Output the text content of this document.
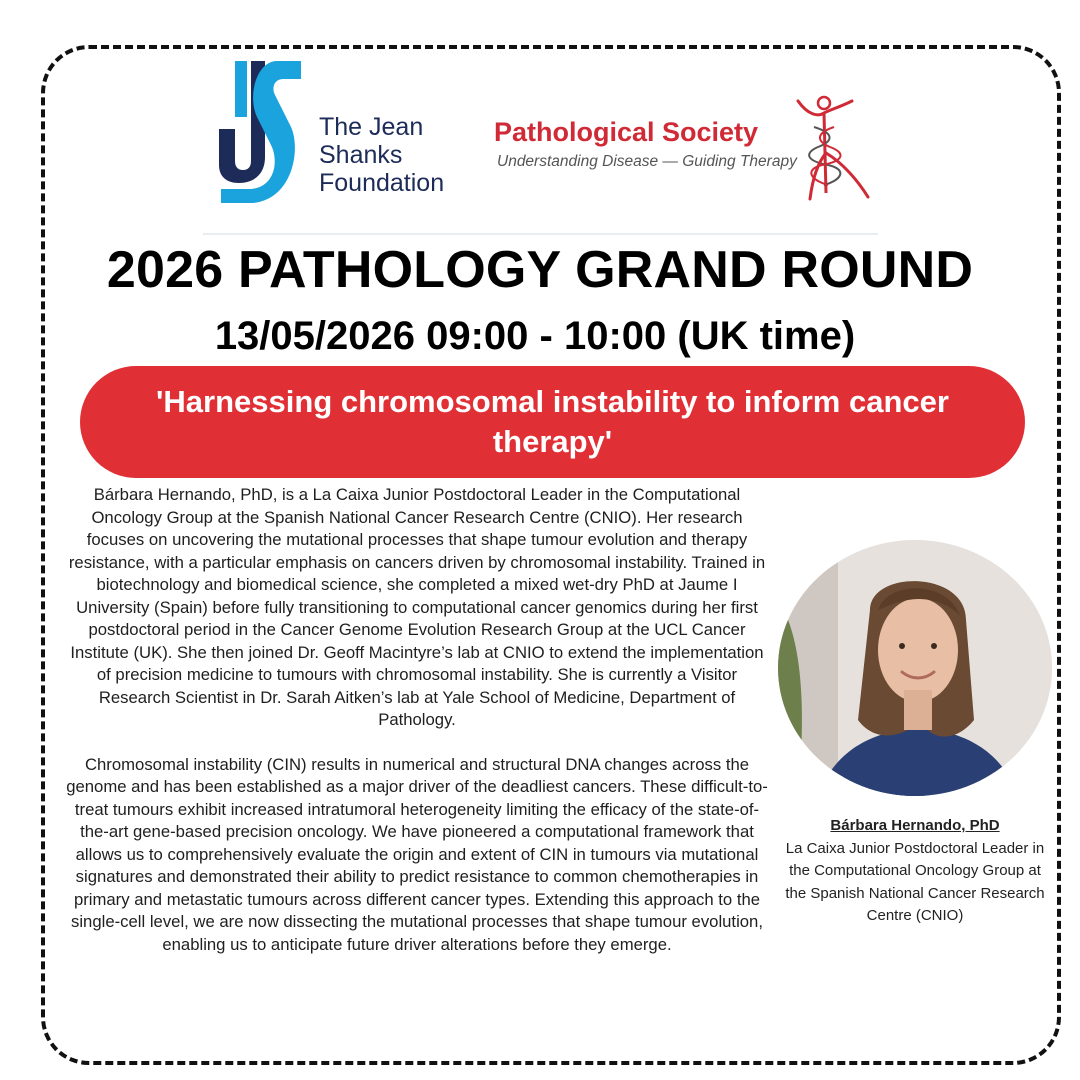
The Jean
Shanks
Foundation
Pathological Society
Understanding Disease — Guiding Therapy
2026 PATHOLOGY GRAND ROUND
13/05/2026 09:00 - 10:00 (UK time)
'Harnessing chromosomal instability to inform cancer therapy'

Bárbara Hernando, PhD, is a La Caixa Junior Postdoctoral Leader in the Computational Oncology Group at the Spanish National Cancer Research Centre (CNIO). Her research focuses on uncovering the mutational processes that shape tumour evolution and therapy resistance, with a particular emphasis on cancers driven by chromosomal instability. Trained in biotechnology and biomedical science, she completed a mixed wet-dry PhD at Jaume I University (Spain) before fully transitioning to computational cancer genomics during her first postdoctoral period in the Cancer Genome Evolution Research Group at the UCL Cancer Institute (UK). She then joined Dr. Geoff Macintyre’s lab at CNIO to extend the implementation of precision medicine to tumours with chromosomal instability. She is currently a Visitor Research Scientist in Dr. Sarah Aitken’s lab at Yale School of Medicine, Department of Pathology.

Chromosomal instability (CIN) results in numerical and structural DNA changes across the genome and has been established as a major driver of the deadliest cancers. These difficult-to-treat tumours exhibit increased intratumoral heterogeneity limiting the efficacy of the state-of-the-art gene-based precision oncology. We have pioneered a computational framework that allows us to comprehensively evaluate the origin and extent of CIN in tumours via mutational signatures and demonstrated their ability to predict resistance to common chemotherapies in primary and metastatic tumours across different cancer types. Extending this approach to the single-cell level, we are now dissecting the mutational processes that shape tumour evolution, enabling us to anticipate future driver alterations before they emerge.

Bárbara Hernando, PhD
La Caixa Junior Postdoctoral Leader in the Computational Oncology Group at the Spanish National Cancer Research Centre (CNIO)
